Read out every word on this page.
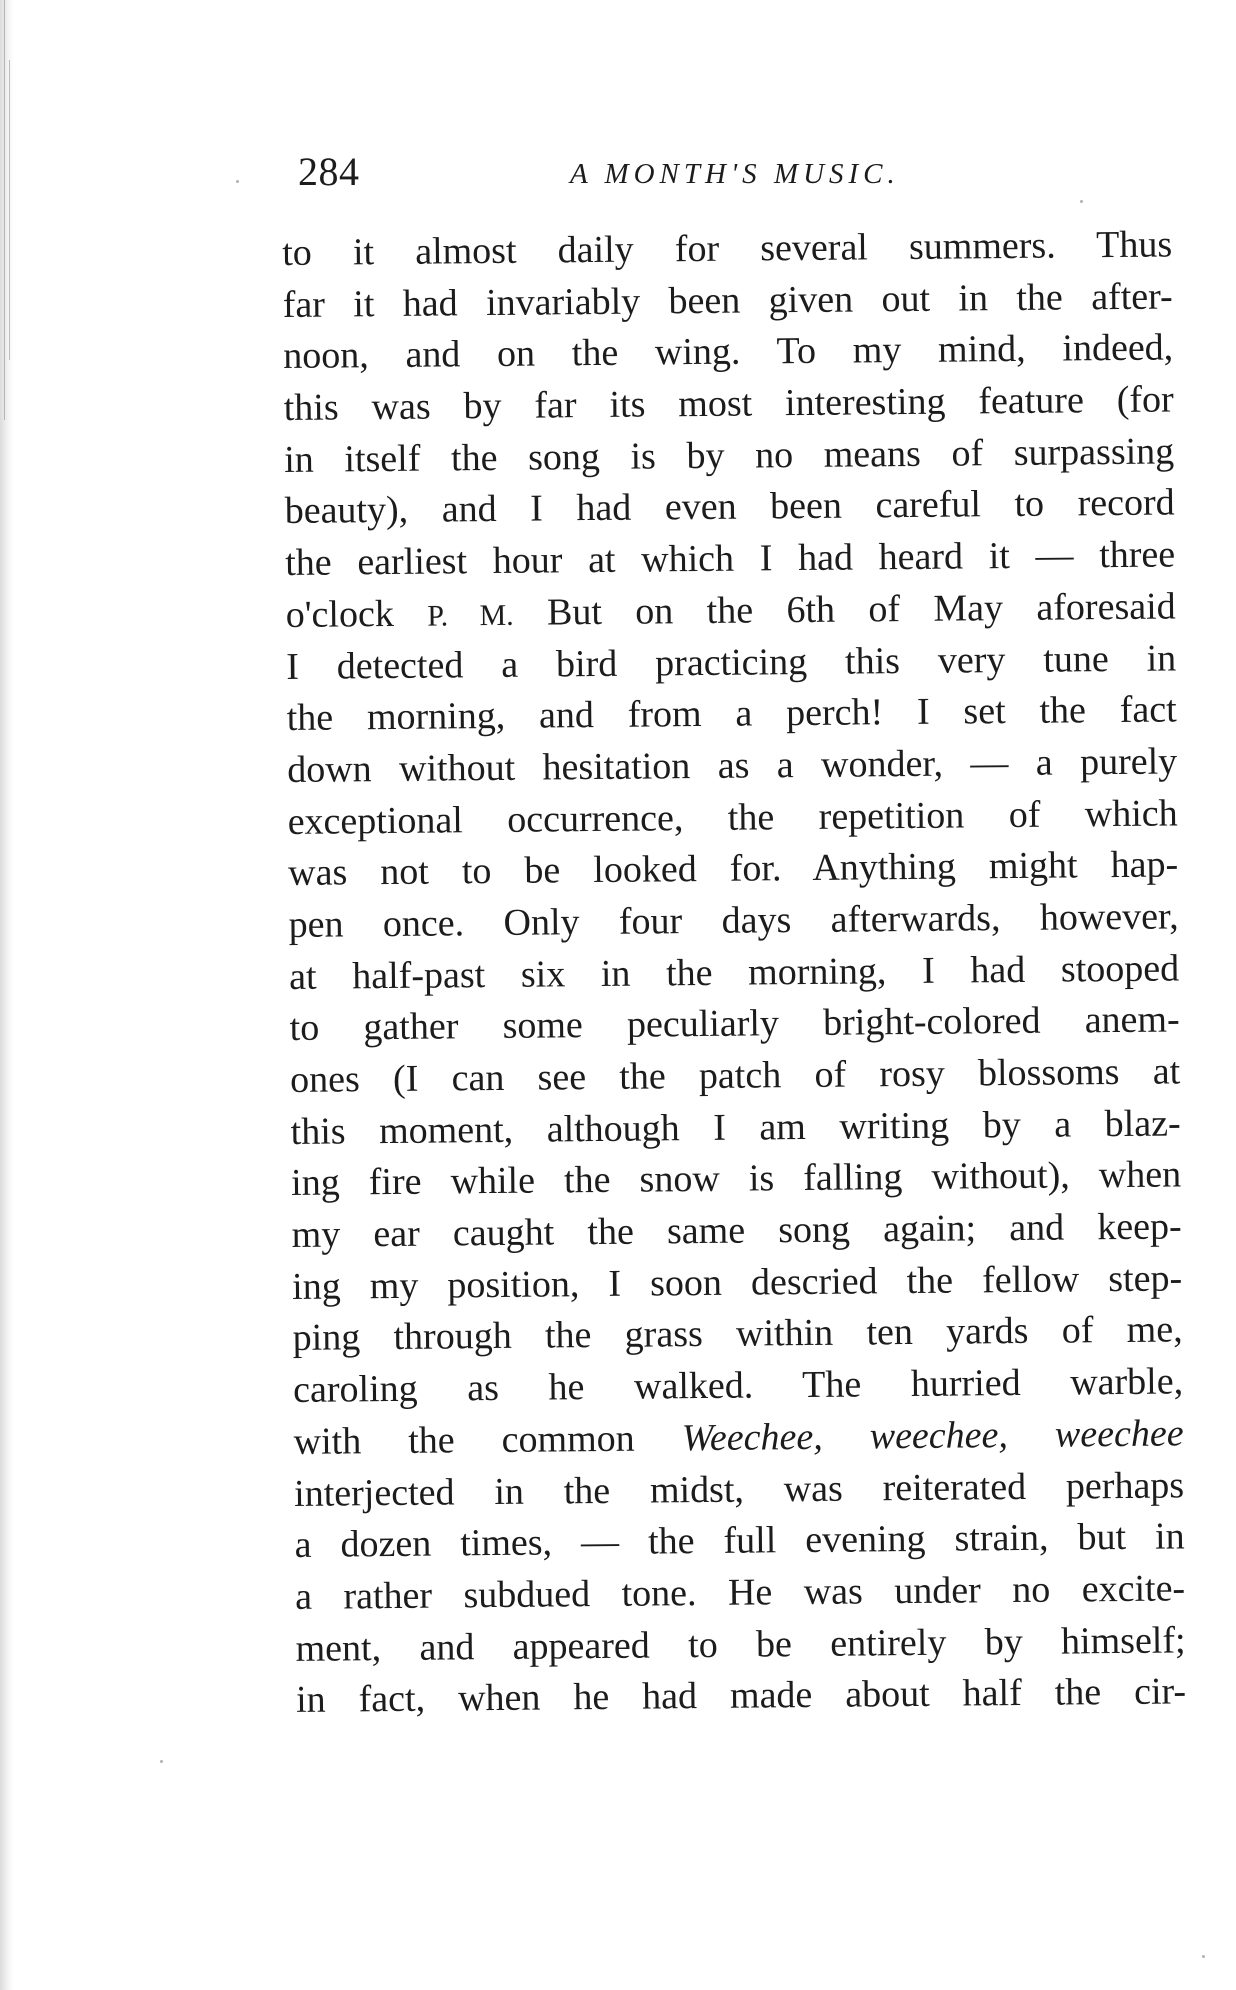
284	A MONTH'S MUSIC.
to it almost daily for several summers. Thus
far it had invariably been given out in the after-
noon, and on the wing. To my mind, indeed,
this was by far its most interesting feature (for
in itself the song is by no means of surpassing
beauty), and I had even been careful to record
the earliest hour at which I had heard it — three
o'clock P. M. But on the 6th of May aforesaid
I detected a bird practicing this very tune in
the morning, and from a perch! I set the fact
down without hesitation as a wonder, — a purely
exceptional occurrence, the repetition of which
was not to be looked for. Anything might hap-
pen once. Only four days afterwards, however,
at half-past six in the morning, I had stooped
to gather some peculiarly bright-colored anem-
ones (I can see the patch of rosy blossoms at
this moment, although I am writing by a blaz-
ing fire while the snow is falling without), when
my ear caught the same song again; and keep-
ing my position, I soon descried the fellow step-
ping through the grass within ten yards of me,
caroling as he walked. The hurried warble,
with the common Weechee, weechee, weechee
interjected in the midst, was reiterated perhaps
a dozen times, — the full evening strain, but in
a rather subdued tone. He was under no excite-
ment, and appeared to be entirely by himself;
in fact, when he had made about half the cir-
